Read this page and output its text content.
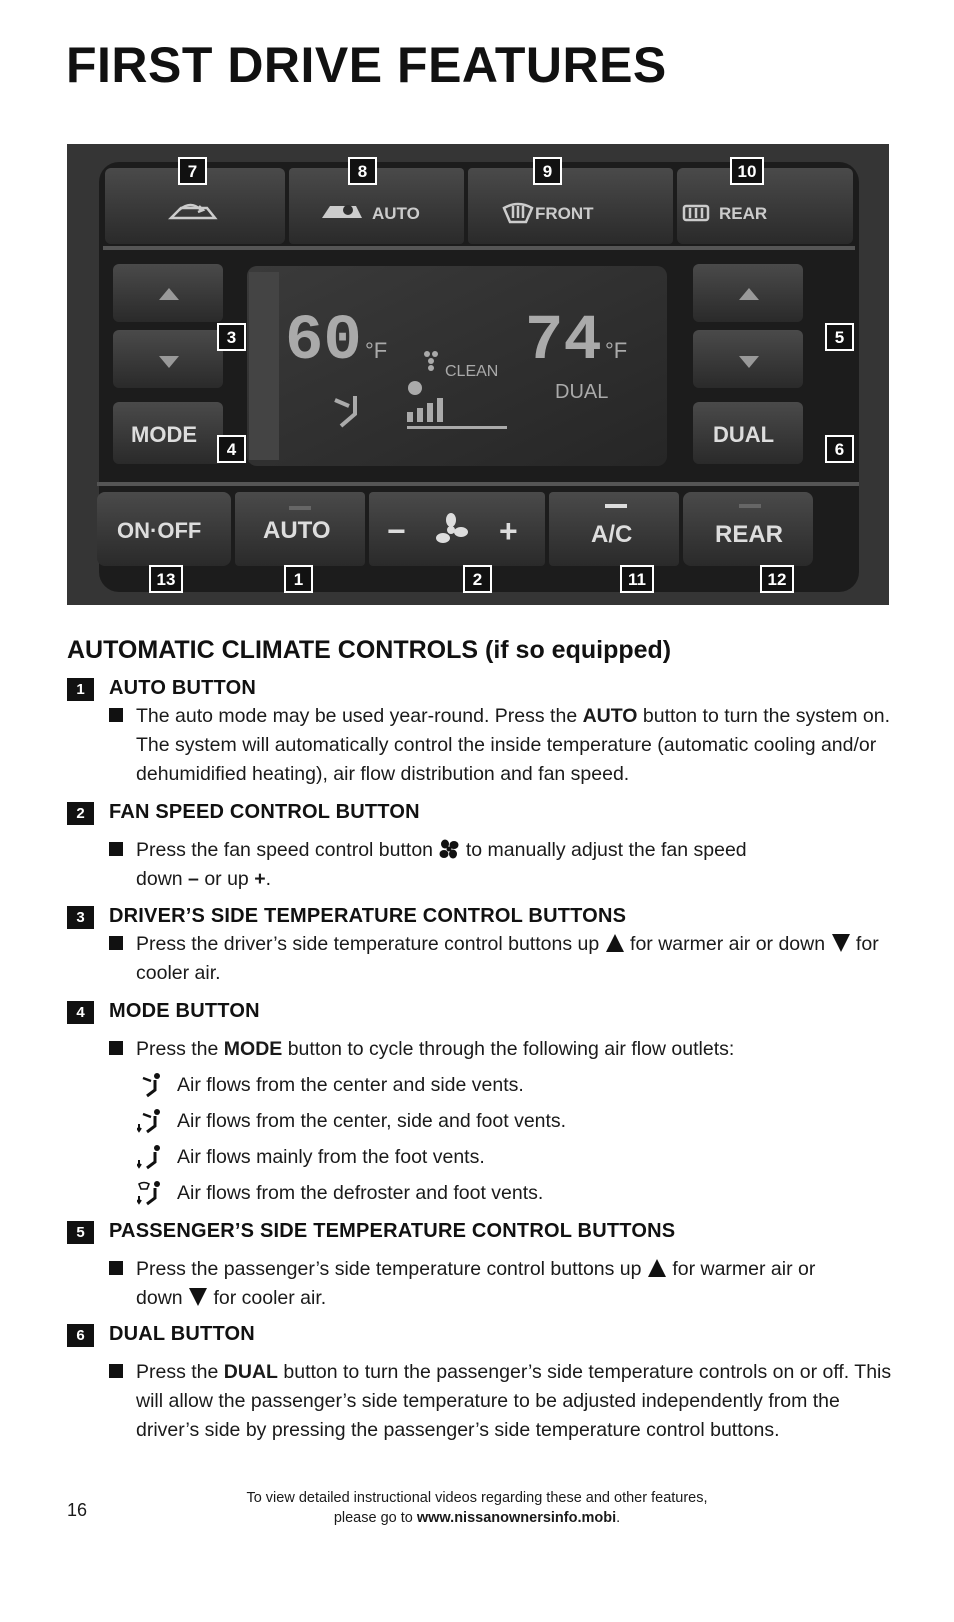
FIRST DRIVE FEATURES
AUTO	FRONT	REAR
MODE
60 °F 74 °F
CLEAN
DUAL
DUAL
ON·OFF	AUTO −	+	A/C	REAR
7	8	9	10
3	5
4	6
13	1	2	11	12
AUTOMATIC CLIMATE CONTROLS (if so equipped)
1	AUTO BUTTON
The auto mode may be used year-round. Press the AUTO button to turn the system on. The system will automatically control the inside temperature (automatic cooling and/or dehumidified heating), air flow distribution and fan speed.
2	FAN SPEED CONTROL BUTTON
Press the fan speed control button  to manually adjust the fan speed down – or up +.
3	DRIVER’S SIDE TEMPERATURE CONTROL BUTTONS
Press the driver’s side temperature control buttons up  for warmer air or down  for cooler air.
4	MODE BUTTON
Press the MODE button to cycle through the following air flow outlets:
Air flows from the center and side vents.
Air flows from the center, side and foot vents.
Air flows mainly from the foot vents.
Air flows from the defroster and foot vents.
5	PASSENGER’S SIDE TEMPERATURE CONTROL BUTTONS
Press the passenger’s side temperature control buttons up  for warmer air or down  for cooler air.
6	DUAL BUTTON
Press the DUAL button to turn the passenger’s side temperature controls on or off. This will allow the passenger’s side temperature to be adjusted independently from the driver’s side by pressing the passenger’s side temperature control buttons.
16
To view detailed instructional videos regarding these and other features,
please go to www.nissanownersinfo.mobi.
